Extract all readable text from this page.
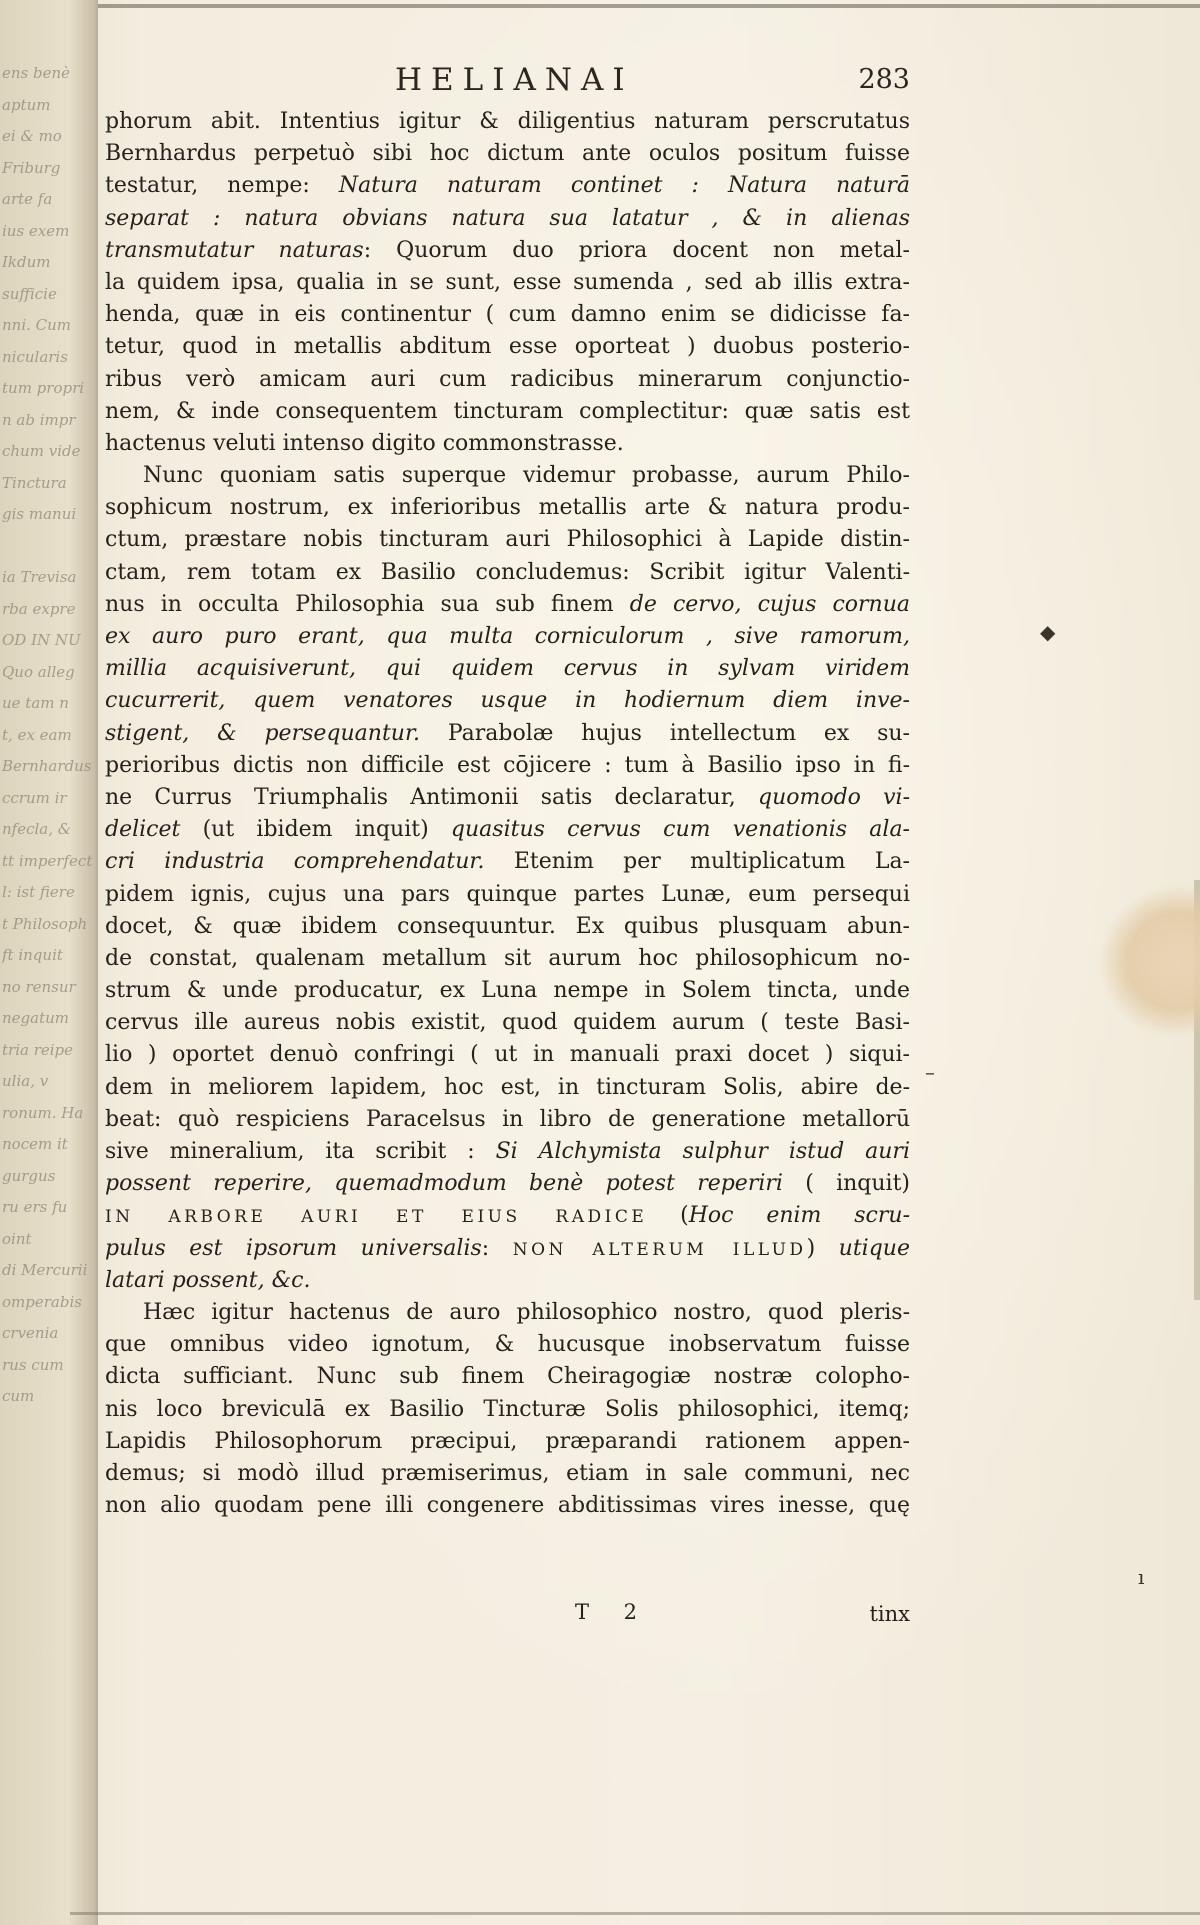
ens benè
aptum
ei & mo
Friburg
arte fa
ius exem
Ikdum
sufficie
nni. Cum
nicularis
tum propri
n ab impr
chum vide
Tinctura
gis manui

ia Trevisa
rba expre
OD IN NU
Quo alleg
ue tam n
t, ex eam
Bernhardus
ccrum ir
nfecla, &
tt imperfect
l: ist fiere
t Philosoph
ft inquit
no rensur
negatum
tria reipe
ulia, v
ronum. Ha
nocem it
gurgus
ru ers fu
oint
di Mercurii
omperabis
crvenia
rus cum
cum
HELIANAI	283
phorum abit. Intentius igitur & diligentius naturam perscrutatus
Bernhardus perpetuò sibi hoc dictum ante oculos positum fuisse
testatur, nempe: Natura naturam continet : Natura naturā
separat : natura obvians natura sua latatur , & in alienas
transmutatur naturas: Quorum duo priora docent non metal-
la quidem ipsa, qualia in se sunt, esse sumenda , sed ab illis extra-
henda, quæ in eis continentur ( cum damno enim se didicisse fa-
tetur, quod in metallis abditum esse oporteat ) duobus posterio-
ribus verò amicam auri cum radicibus minerarum conjunctio-
nem, & inde consequentem tincturam complectitur: quæ satis est
hactenus veluti intenso digito commonstrasse.
Nunc quoniam satis superque videmur probasse, aurum Philo-
sophicum nostrum, ex inferioribus metallis arte & natura produ-
ctum, præstare nobis tincturam auri Philosophici à Lapide distin-
ctam, rem totam ex Basilio concludemus: Scribit igitur Valenti-
nus in occulta Philosophia sua sub finem de cervo, cujus cornua
ex auro puro erant, qua multa corniculorum , sive ramorum,
millia acquisiverunt, qui quidem cervus in sylvam viridem
cucurrerit, quem venatores usque in hodiernum diem inve-
stigent, & persequantur. Parabolæ hujus intellectum ex su-
perioribus dictis non difficile est cōjicere : tum à Basilio ipso in fi-
ne Currus Triumphalis Antimonii satis declaratur, quomodo vi-
delicet (ut ibidem inquit) quasitus cervus cum venationis ala-
cri industria comprehendatur. Etenim per multiplicatum La-
pidem ignis, cujus una pars quinque partes Lunæ, eum persequi
docet, & quæ ibidem consequuntur. Ex quibus plusquam abun-
de constat, qualenam metallum sit aurum hoc philosophicum no-
strum & unde producatur, ex Luna nempe in Solem tincta, unde
cervus ille aureus nobis existit, quod quidem aurum ( teste Basi-
lio ) oportet denuò confringi ( ut in manuali praxi docet ) siqui-
dem in meliorem lapidem, hoc est, in tincturam Solis, abire de-
beat: quò respiciens Paracelsus in libro de generatione metallorū
sive mineralium, ita scribit : Si Alchymista sulphur istud auri
possent reperire, quemadmodum benè potest reperiri ( inquit)
IN ARBORE AURI ET EIUS RADICE (Hoc enim scru-
pulus est ipsorum universalis: NON ALTERUM ILLUD) utique
latari possent, &c.
Hæc igitur hactenus de auro philosophico nostro, quod pleris-
que omnibus video ignotum, & hucusque inobservatum fuisse
dicta sufficiant. Nunc sub finem Cheiragogiæ nostræ colopho-
nis loco breviculā ex Basilio Tincturæ Solis philosophici, itemq;
Lapidis Philosophorum præcipui, præparandi rationem appen-
demus; si modò illud præmiserimus, etiam in sale communi, nec
non alio quodam pene illi congenere abditissimas vires inesse, quę
T 2	tinx
◆
ı
–
